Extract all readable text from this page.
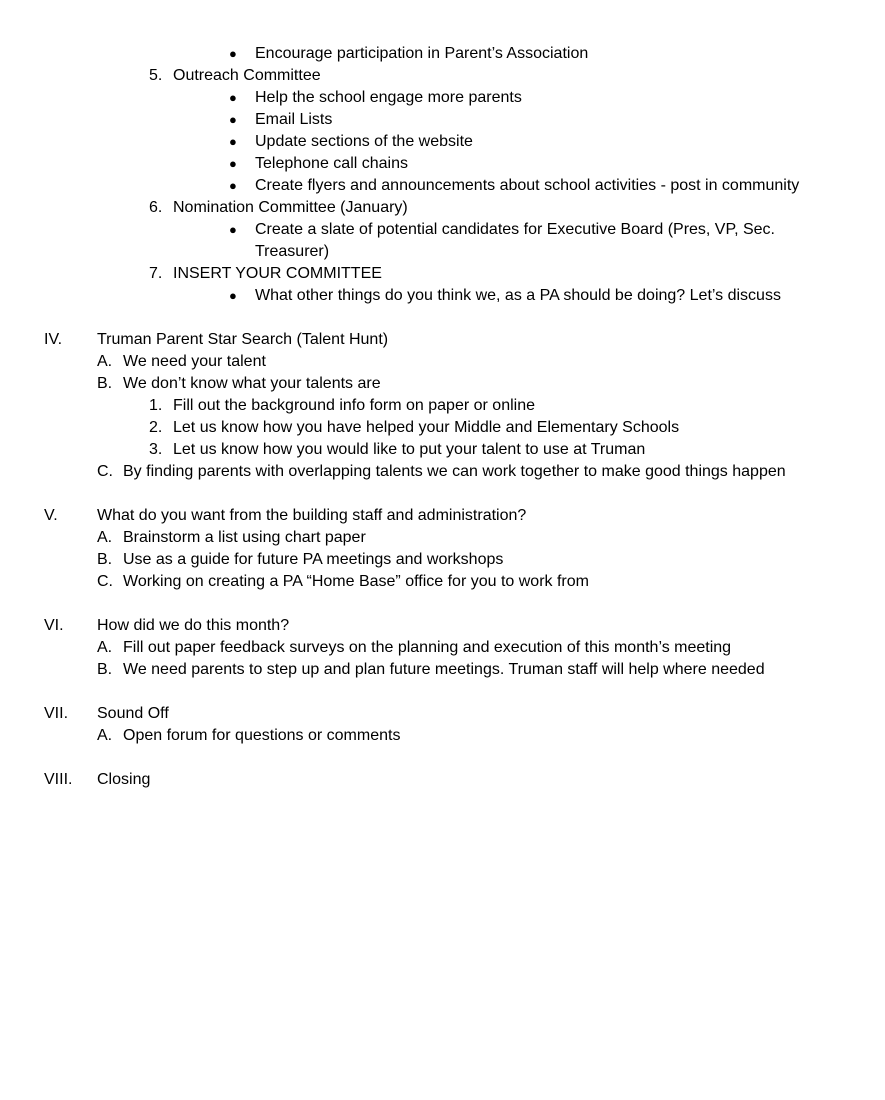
● Encourage participation in Parent’s Association
5. Outreach Committee
● Help the school engage more parents
● Email Lists
● Update sections of the website
● Telephone call chains
● Create flyers and announcements about school activities - post in community
6. Nomination Committee (January)
● Create a slate of potential candidates for Executive Board (Pres, VP, Sec.
Treasurer)
7. INSERT YOUR COMMITTEE
● What other things do you think we, as a PA should be doing? Let’s discuss
IV. Truman Parent Star Search (Talent Hunt)
A. We need your talent
B. We don’t know what your talents are
1. Fill out the background info form on paper or online
2. Let us know how you have helped your Middle and Elementary Schools
3. Let us know how you would like to put your talent to use at Truman
C. By finding parents with overlapping talents we can work together to make good things happen
V. What do you want from the building staff and administration?
A. Brainstorm a list using chart paper
B. Use as a guide for future PA meetings and workshops
C. Working on creating a PA “Home Base” office for you to work from
VI. How did we do this month?
A. Fill out paper feedback surveys on the planning and execution of this month’s meeting
B. We need parents to step up and plan future meetings. Truman staff will help where needed
VII. Sound Off
A. Open forum for questions or comments
VIII. Closing
